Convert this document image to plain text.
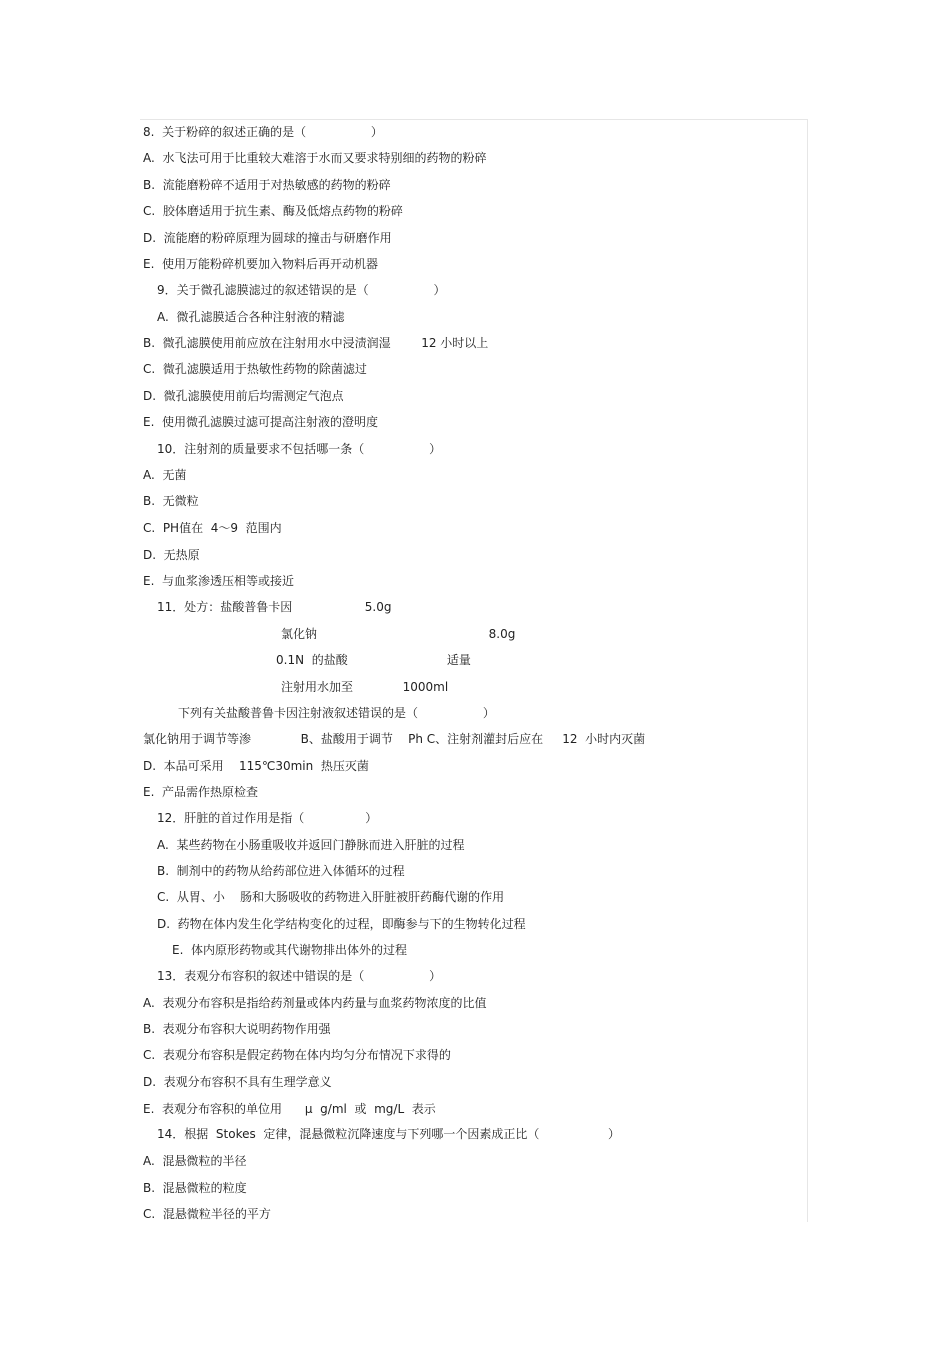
8.  关于粉碎的叙述正确的是（                 ）
A.  水飞法可用于比重较大难溶于水而又要求特别细的药物的粉碎
B.  流能磨粉碎不适用于对热敏感的药物的粉碎
C.  胶体磨适用于抗生素、酶及低熔点药物的粉碎
D.  流能磨的粉碎原理为圆球的撞击与研磨作用
E.  使用万能粉碎机要加入物料后再开动机器
9．关于微孔滤膜滤过的叙述错误的是（                 ）
A.  微孔滤膜适合各种注射液的精滤
B.  微孔滤膜使用前应放在注射用水中浸渍润湿        12 小时以上
C.  微孔滤膜适用于热敏性药物的除菌滤过
D.  微孔滤膜使用前后均需测定气泡点
E.  使用微孔滤膜过滤可提高注射液的澄明度
10．注射剂的质量要求不包括哪一条（                 ）
A.  无菌
B.  无微粒
C.  PH值在  4～9  范围内
D.  无热原
E.  与血浆渗透压相等或接近
11．处方：盐酸普鲁卡因                   5.0g
氯化钠                                             8.0g
0.1N  的盐酸                          适量
注射用水加至             1000ml
下列有关盐酸普鲁卡因注射液叙述错误的是（                 ）
氯化钠用于调节等渗             B、盐酸用于调节    Ph C、注射剂灌封后应在     12  小时内灭菌
D.  本品可采用    115℃30min  热压灭菌
E.  产品需作热原检查
12．肝脏的首过作用是指（                ）
A.  某些药物在小肠重吸收并返回门静脉而进入肝脏的过程
B.  制剂中的药物从给药部位进入体循环的过程
C.  从胃、小    肠和大肠吸收的药物进入肝脏被肝药酶代谢的作用
D.  药物在体内发生化学结构变化的过程，即酶参与下的生物转化过程
E.  体内原形药物或其代谢物排出体外的过程
13．表观分布容积的叙述中错误的是（                 ）
A.  表观分布容积是指给药剂量或体内药量与血浆药物浓度的比值
B.  表观分布容积大说明药物作用强
C.  表观分布容积是假定药物在体内均匀分布情况下求得的
D.  表观分布容积不具有生理学意义
E.  表观分布容积的单位用      μ  g/ml  或  mg/L  表示
14．根据  Stokes  定律，混悬微粒沉降速度与下列哪一个因素成正比（                  ）
A.  混悬微粒的半径
B.  混悬微粒的粒度
C.  混悬微粒半径的平方
